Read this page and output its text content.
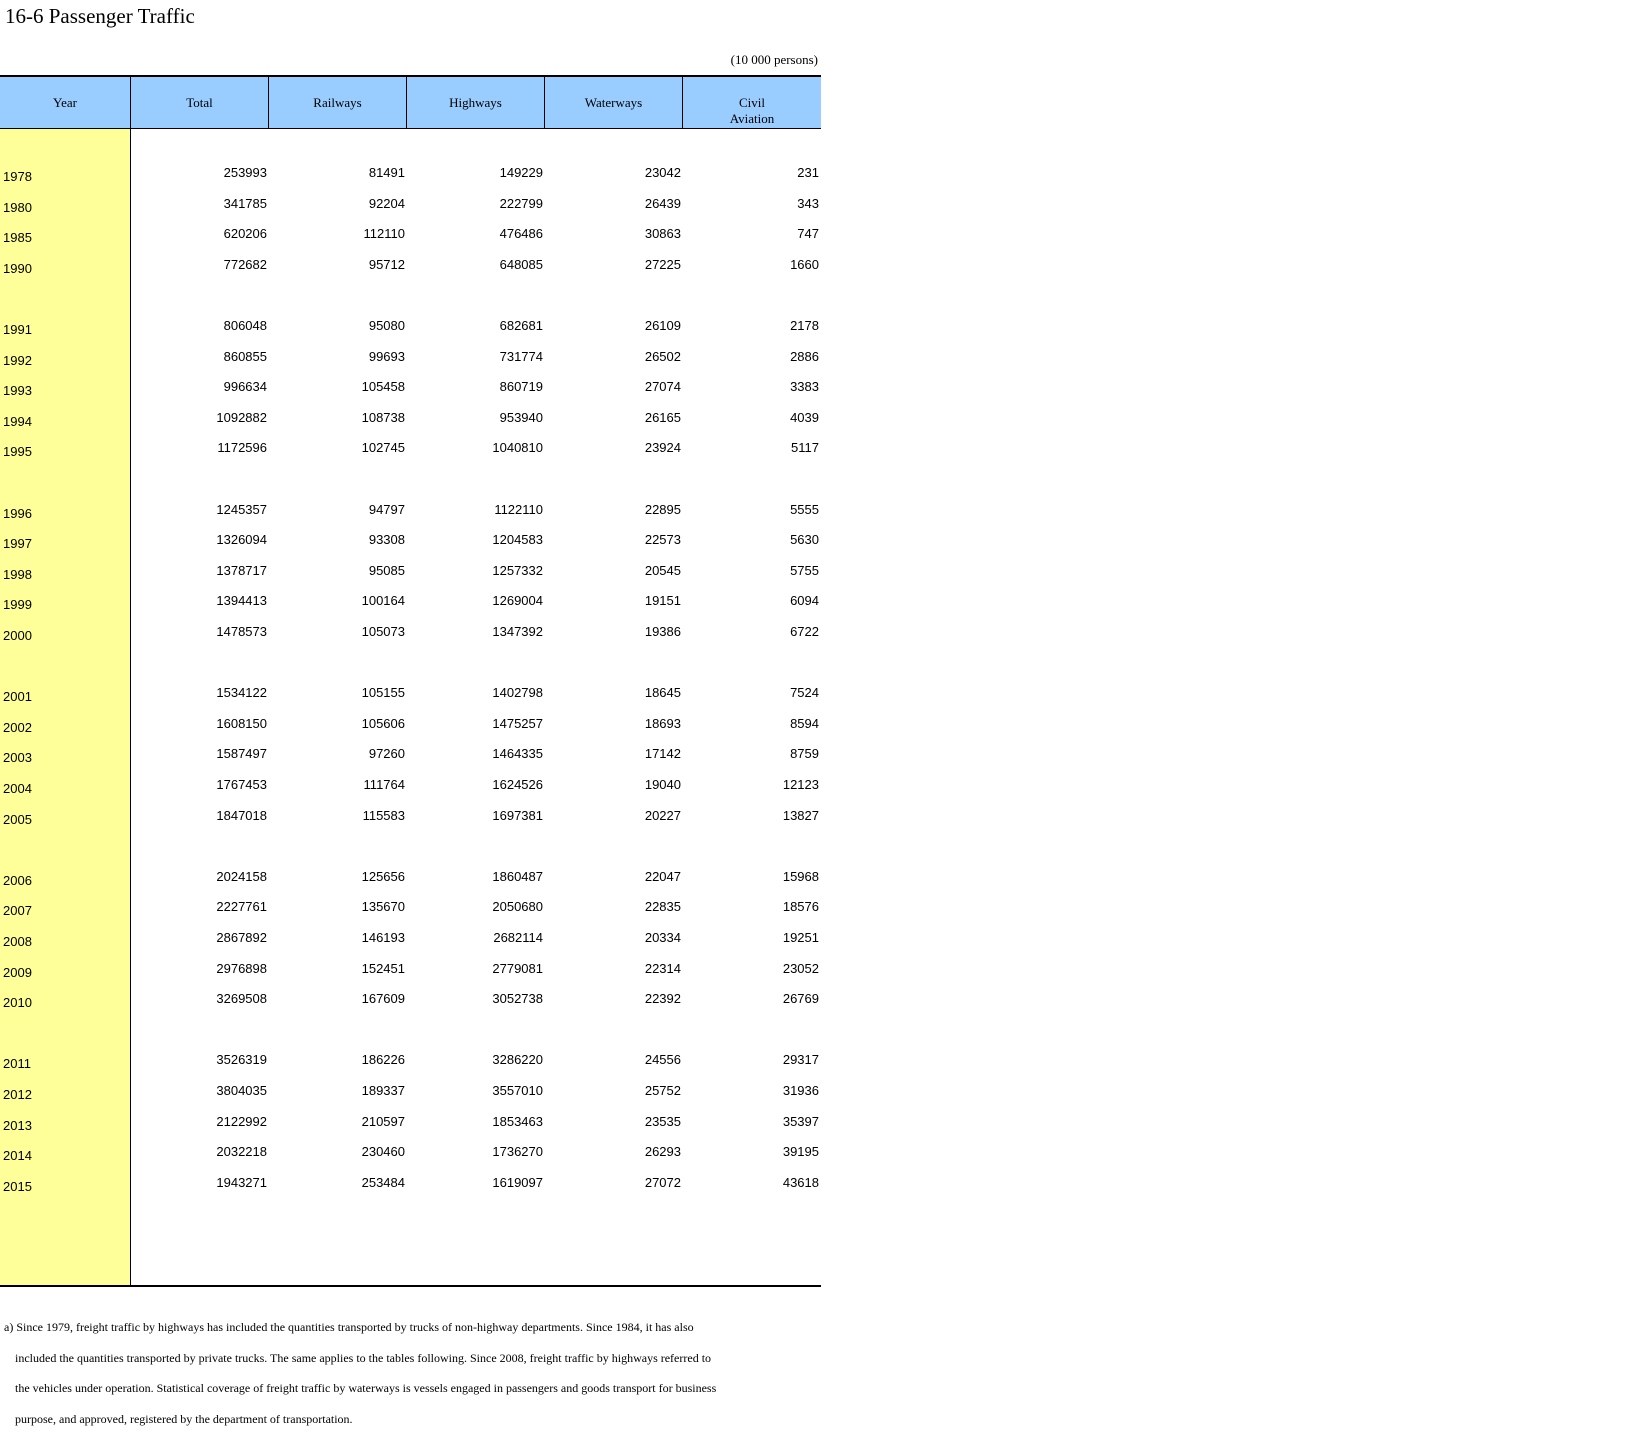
16-6 Passenger Traffic
(10 000 persons)
Year	Total	Railways	Highways	Waterways	Civil
Aviation
1978	253993	81491	149229	23042	231
1980	341785	92204	222799	26439	343
1985	620206	112110	476486	30863	747
1990	772682	95712	648085	27225	1660
1991	806048	95080	682681	26109	2178
1992	860855	99693	731774	26502	2886
1993	996634	105458	860719	27074	3383
1994	1092882	108738	953940	26165	4039
1995	1172596	102745	1040810	23924	5117
1996	1245357	94797	1122110	22895	5555
1997	1326094	93308	1204583	22573	5630
1998	1378717	95085	1257332	20545	5755
1999	1394413	100164	1269004	19151	6094
2000	1478573	105073	1347392	19386	6722
2001	1534122	105155	1402798	18645	7524
2002	1608150	105606	1475257	18693	8594
2003	1587497	97260	1464335	17142	8759
2004	1767453	111764	1624526	19040	12123
2005	1847018	115583	1697381	20227	13827
2006	2024158	125656	1860487	22047	15968
2007	2227761	135670	2050680	22835	18576
2008	2867892	146193	2682114	20334	19251
2009	2976898	152451	2779081	22314	23052
2010	3269508	167609	3052738	22392	26769
2011	3526319	186226	3286220	24556	29317
2012	3804035	189337	3557010	25752	31936
2013	2122992	210597	1853463	23535	35397
2014	2032218	230460	1736270	26293	39195
2015	1943271	253484	1619097	27072	43618
a) Since 1979, freight traffic by highways has included the quantities transported by trucks of non-highway departments. Since 1984, it has also
included the quantities transported by private trucks. The same applies to the tables following. Since 2008, freight traffic by highways referred to
the vehicles under operation. Statistical coverage of freight traffic by waterways is vessels engaged in passengers and goods transport for business
purpose, and approved, registered by the department of transportation.
